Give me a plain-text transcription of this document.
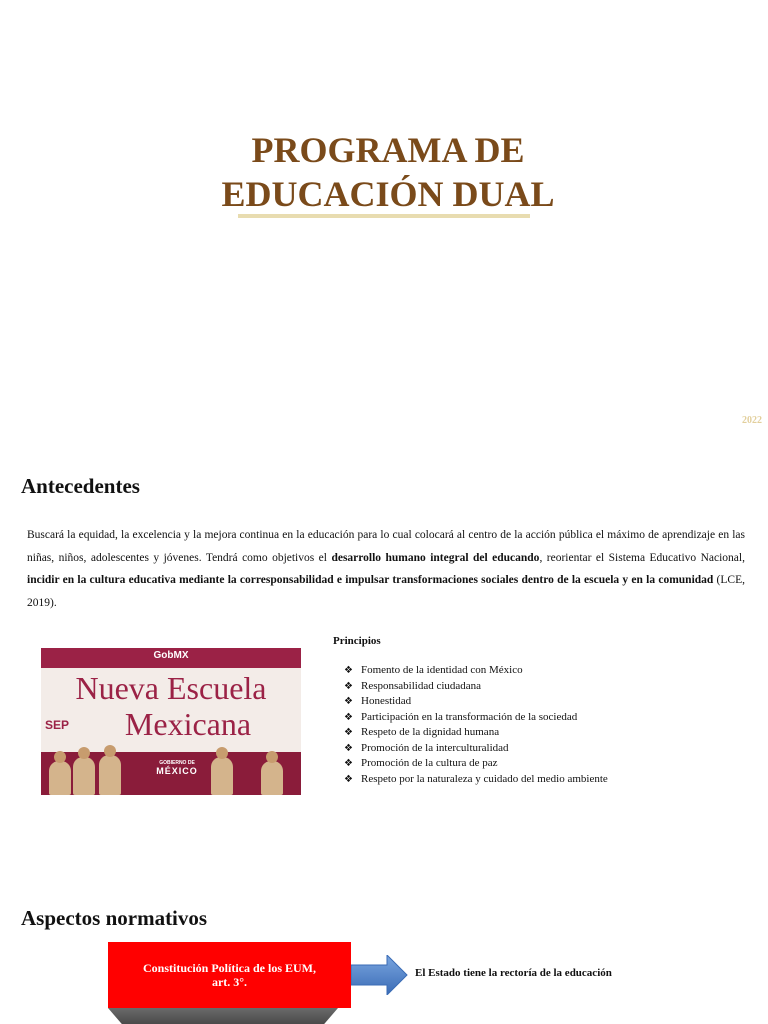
PROGRAMA DE
EDUCACIÓN DUAL
2022
Antecedentes
Buscará la equidad, la excelencia y la mejora continua en la educación para lo cual colocará al centro de la acción pública el máximo de aprendizaje en las niñas, niños, adolescentes y jóvenes. Tendrá como objetivos el desarrollo humano integral del educando, reorientar el Sistema Educativo Nacional, incidir en la cultura educativa mediante la corresponsabilidad e impulsar transformaciones sociales dentro de la escuela y en la comunidad (LCE, 2019).
GobMX
Nueva Escuela
Mexicana
SEP
GOBIERNO DE
MÉXICO
Principios
❖ Fomento de la identidad con México
❖ Responsabilidad ciudadana
❖ Honestidad
❖ Participación en la transformación de la sociedad
❖ Respeto de la dignidad humana
❖ Promoción de la interculturalidad
❖ Promoción de la cultura de paz
❖ Respeto por la naturaleza y cuidado del medio ambiente
Aspectos normativos
Constitución Política de los EUM, art. 3°.
El Estado tiene la rectoría de la educación
